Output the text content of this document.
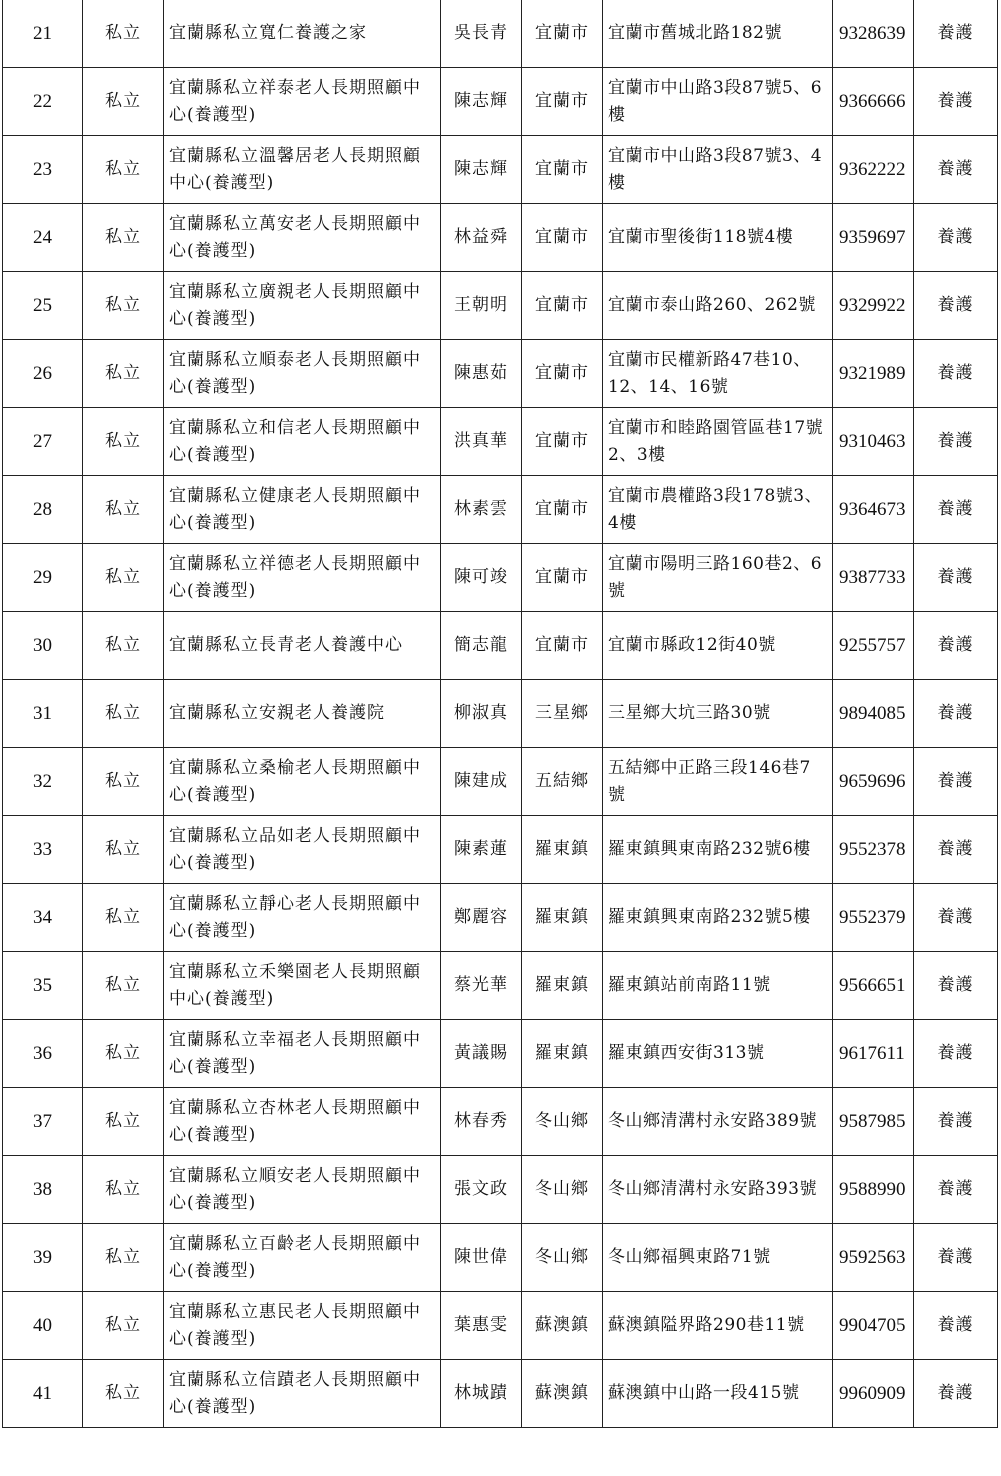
21	私立	宜蘭縣私立寬仁養護之家	吳長青	宜蘭市	宜蘭市舊城北路182號	9328639	養護
22	私立	宜蘭縣私立祥泰老人長期照顧中心(養護型)	陳志輝	宜蘭市	宜蘭市中山路3段87號5、6樓	9366666	養護
23	私立	宜蘭縣私立溫馨居老人長期照顧中心(養護型)	陳志輝	宜蘭市	宜蘭市中山路3段87號3、4樓	9362222	養護
24	私立	宜蘭縣私立萬安老人長期照顧中心(養護型)	林益舜	宜蘭市	宜蘭市聖後街118號4樓	9359697	養護
25	私立	宜蘭縣私立廣親老人長期照顧中心(養護型)	王朝明	宜蘭市	宜蘭市泰山路260、262號	9329922	養護
26	私立	宜蘭縣私立順泰老人長期照顧中心(養護型)	陳惠茹	宜蘭市	宜蘭市民權新路47巷10、12、14、16號	9321989	養護
27	私立	宜蘭縣私立和信老人長期照顧中心(養護型)	洪真華	宜蘭市	宜蘭市和睦路園管區巷17號2、3樓	9310463	養護
28	私立	宜蘭縣私立健康老人長期照顧中心(養護型)	林素雲	宜蘭市	宜蘭市農權路3段178號3、4樓	9364673	養護
29	私立	宜蘭縣私立祥德老人長期照顧中心(養護型)	陳可竣	宜蘭市	宜蘭市陽明三路160巷2、6號	9387733	養護
30	私立	宜蘭縣私立長青老人養護中心	簡志龍	宜蘭市	宜蘭市縣政12街40號	9255757	養護
31	私立	宜蘭縣私立安親老人養護院	柳淑真	三星鄉	三星鄉大坑三路30號	9894085	養護
32	私立	宜蘭縣私立桑榆老人長期照顧中心(養護型)	陳建成	五結鄉	五結鄉中正路三段146巷7號	9659696	養護
33	私立	宜蘭縣私立品如老人長期照顧中心(養護型)	陳素蓮	羅東鎮	羅東鎮興東南路232號6樓	9552378	養護
34	私立	宜蘭縣私立靜心老人長期照顧中心(養護型)	鄭麗容	羅東鎮	羅東鎮興東南路232號5樓	9552379	養護
35	私立	宜蘭縣私立禾樂園老人長期照顧中心(養護型)	蔡光華	羅東鎮	羅東鎮站前南路11號	9566651	養護
36	私立	宜蘭縣私立幸福老人長期照顧中心(養護型)	黃議賜	羅東鎮	羅東鎮西安街313號	9617611	養護
37	私立	宜蘭縣私立杏林老人長期照顧中心(養護型)	林春秀	冬山鄉	冬山鄉清溝村永安路389號	9587985	養護
38	私立	宜蘭縣私立順安老人長期照顧中心(養護型)	張文政	冬山鄉	冬山鄉清溝村永安路393號	9588990	養護
39	私立	宜蘭縣私立百齡老人長期照顧中心(養護型)	陳世偉	冬山鄉	冬山鄉福興東路71號	9592563	養護
40	私立	宜蘭縣私立惠民老人長期照顧中心(養護型)	葉惠雯	蘇澳鎮	蘇澳鎮隘界路290巷11號	9904705	養護
41	私立	宜蘭縣私立信蹟老人長期照顧中心(養護型)	林城蹟	蘇澳鎮	蘇澳鎮中山路一段415號	9960909	養護
